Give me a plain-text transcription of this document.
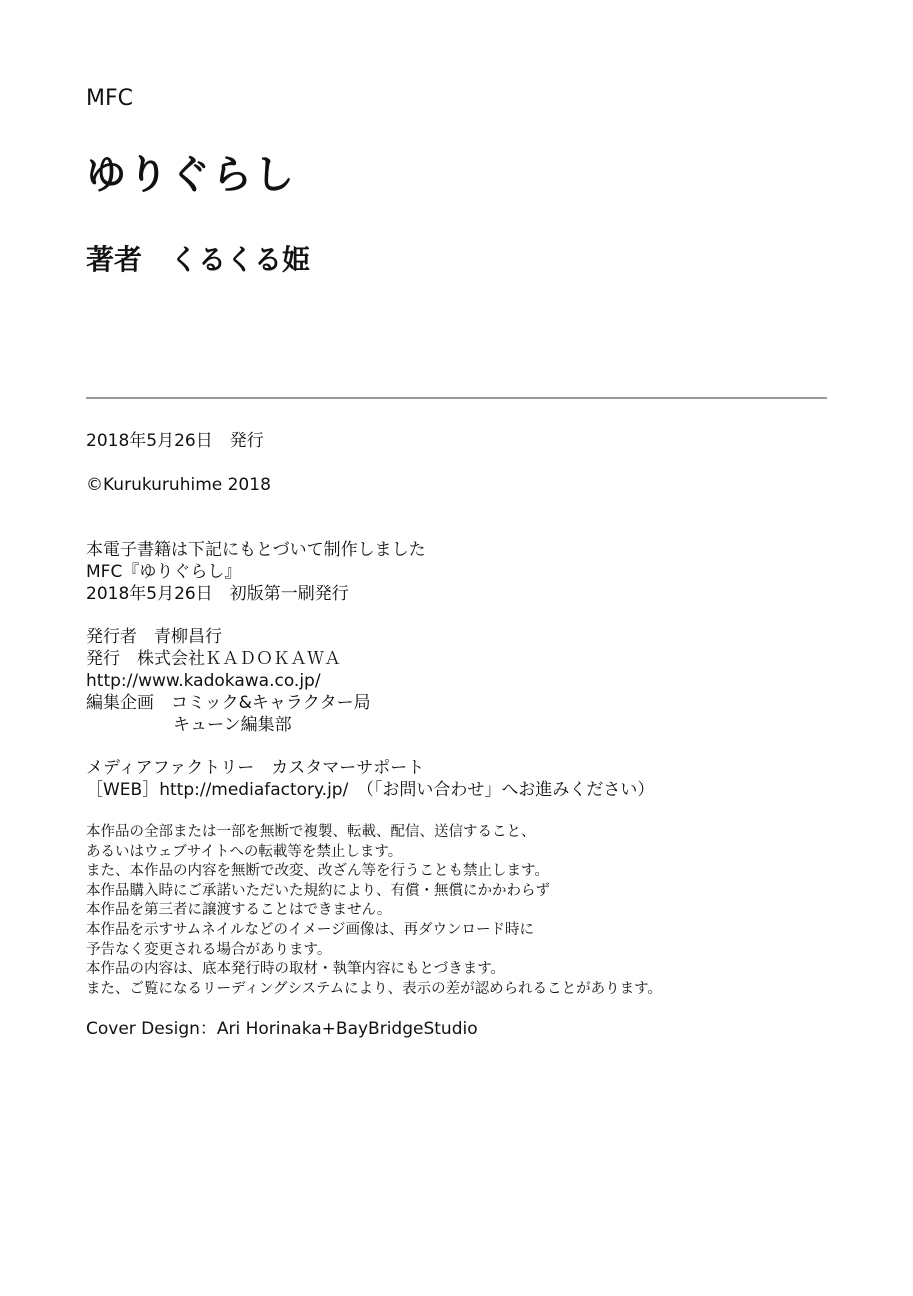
MFC

ゆりぐらし

著者　くるくる姫

2018年5月26日　発行

©Kurukuruhime 2018

本電子書籍は下記にもとづいて制作しました
MFC『ゆりぐらし』
2018年5月26日　初版第一刷発行
発行者　青柳昌行
発行　株式会社ＫＡＤＯＫＡＷＡ
http://www.kadokawa.co.jp/
編集企画　コミック&キャラクター局
キューン編集部
メディアファクトリー　カスタマーサポート
［WEB］http://mediafactory.jp/　（「お問い合わせ」へお進みください）
本作品の全部または一部を無断で複製、転載、配信、送信すること、
あるいはウェブサイトへの転載等を禁止します。
また、本作品の内容を無断で改変、改ざん等を行うことも禁止します。
本作品購入時にご承諾いただいた規約により、有償・無償にかかわらず
本作品を第三者に譲渡することはできません。
本作品を示すサムネイルなどのイメージ画像は、再ダウンロード時に
予告なく変更される場合があります。
本作品の内容は、底本発行時の取材・執筆内容にもとづきます。
また、ご覧になるリーディングシステムにより、表示の差が認められることがあります。

Cover Design：Ari Horinaka+BayBridgeStudio
